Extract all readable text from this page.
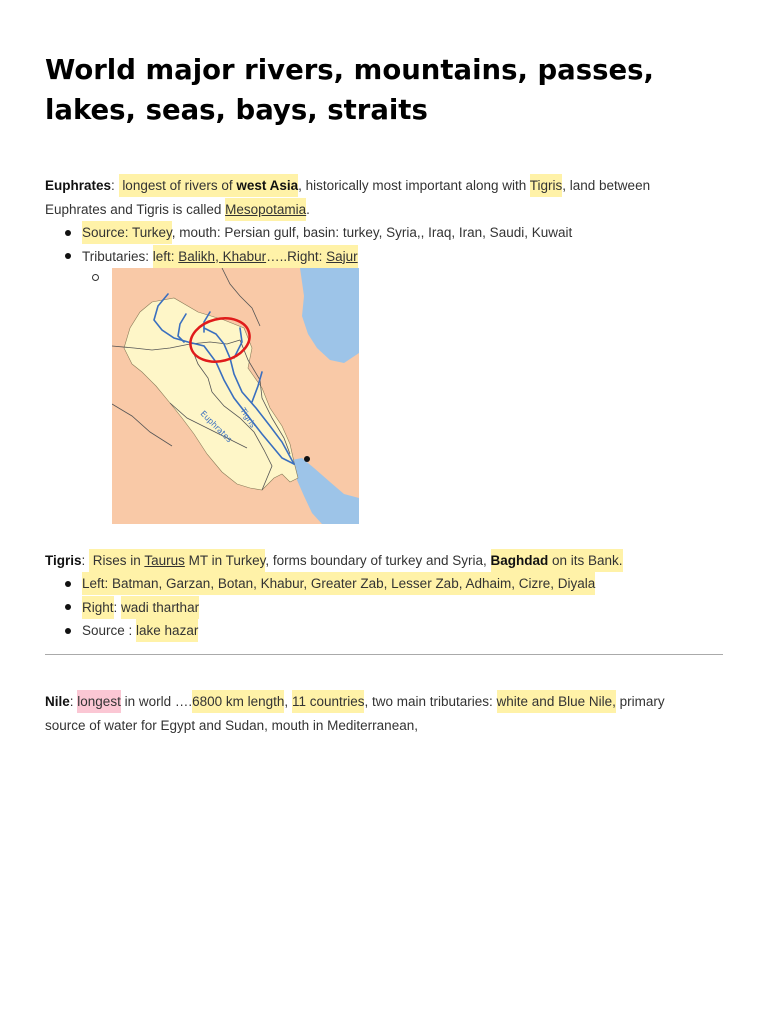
World major rivers, mountains, passes, lakes, seas, bays, straits

Euphrates:  longest of rivers of west Asia, historically most important along with Tigris, land between Euphrates and Tigris is called Mesopotamia.

Source: Turkey, mouth: Persian gulf, basin: turkey, Syria,, Iraq, Iran, Saudi, Kuwait
Tributaries: left: Balikh, Khabur…..Right: Sajur
Euphrates Tigris

Tigris:  Rises in Taurus MT in Turkey, forms boundary of turkey and Syria, Baghdad on its Bank.

Left: Batman, Garzan, Botan, Khabur, Greater Zab, Lesser Zab, Adhaim, Cizre, Diyala
Right: wadi tharthar
Source : lake hazar

Nile: longest in world ….6800 km length, 11 countries, two main tributaries: white and Blue Nile, primary source of water for Egypt and Sudan, mouth in Mediterranean,
